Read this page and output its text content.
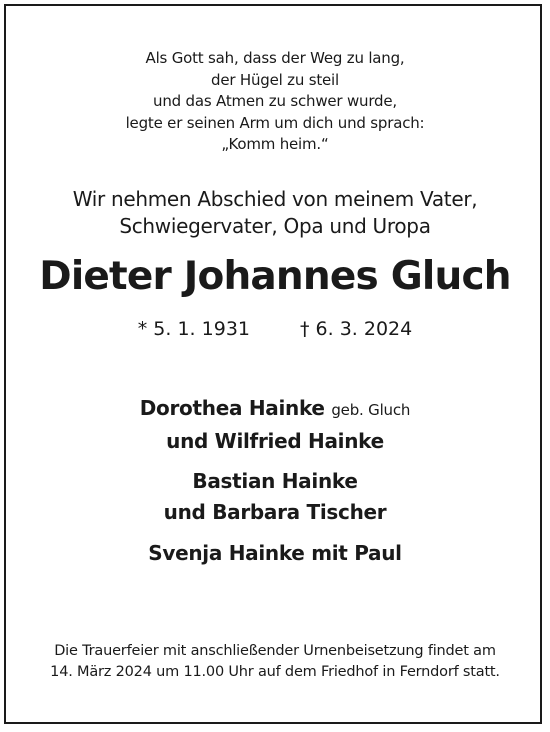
Als Gott sah, dass der Weg zu lang,
der Hügel zu steil
und das Atmen zu schwer wurde,
legte er seinen Arm um dich und sprach:
„Komm heim.“
Wir nehmen Abschied von meinem Vater,
Schwiegervater, Opa und Uropa
Dieter Johannes Gluch
* 5. 1. 1931	† 6. 3. 2024
Dorothea Hainke geb. Gluch
und Wilfried Hainke
Bastian Hainke
und Barbara Tischer
Svenja Hainke mit Paul
Die Trauerfeier mit anschließender Urnenbeisetzung findet am
14. März 2024 um 11.00 Uhr auf dem Friedhof in Ferndorf statt.
